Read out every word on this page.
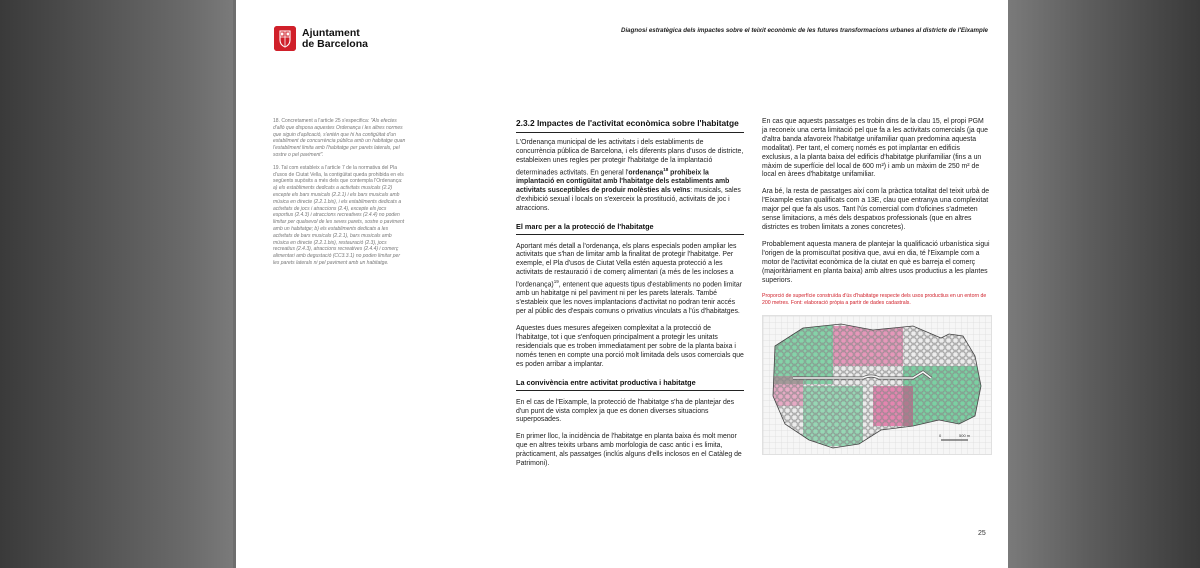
Ajuntament
de Barcelona
Diagnosi estratègica dels impactes sobre el teixit econòmic de les futures transformacions urbanes al districte de l'Eixample

18. Concretament a l'article 25 s'especifica: "Als efectes d'allò que disposa aquestes Ordenança i les altres normes que siguin d'aplicació, s'entén que hi ha contigüitat d'un establiment de concurrència pública amb un habitatge quan l'establiment limita amb l'habitatge per parets laterals, pel sostre o pel paviment".

19. Tal com estableix a l'article 7 de la normativa del Pla d'usos de Ciutat Vella, la contigüitat queda prohibida en els següents supòsits a més dels que contempla l'Ordenança: a) els establiments dedicats a activitats musicals (2.2) excepte els bars musicals (2.2.1) i els bars musicals amb música en directe (2.2.1.bis), i els establiments dedicats a activitats de jocs i atraccions (2.4), excepte els jocs esportius (2.4.3) i atraccions recreatives (2.4.4) no poden limitar per qualsevol de les seves parets, sostre o paviment amb un habitatge; b) els establiments dedicats a les activitats de bars musicals (2.2.1), bars musicals amb música en directe (2.2.1.bis), restauració (2.3), jocs recreatius (2.4.3), atraccions recreatives (2.4.4) i comerç alimentari amb degustació (CC3.3.1) no poden limitar per les parets laterals ni pel paviment amb un habitatge.

2.3.2 Impactes de l'activitat econòmica sobre l'habitatge

L'Ordenança municipal de les activitats i dels establiments de concurrència pública de Barcelona, i els diferents plans d'usos de districte, estableixen unes regles per protegir l'habitatge de la implantació determinades activitats. En general l'ordenança$^{18}$ prohibeix la implantació en contigüitat amb l'habitatge dels establiments amb activitats susceptibles de produir molèsties als veïns: musicals, sales d'exhibició sexual i locals on s'exerceix la prostitució, activitats de joc i atraccions.

El marc per a la protecció de l'habitatge

Aportant més detall a l'ordenança, els plans especials poden ampliar les activitats que s'han de limitar amb la finalitat de protegir l'habitatge. Per exemple, el Pla d'usos de Ciutat Vella estén aquesta protecció a les activitats de restauració i de comerç alimentari (a més de les incloses a l'ordenança)$^{19}$, entenent que aquests tipus d'establiments no poden limitar amb un habitatge ni pel paviment ni per les parets laterals. També s'estableix que les noves implantacions d'activitat no podran tenir accés per al públic des d'espais comuns o privatius vinculats a l'ús d'habitatges.

Aquestes dues mesures afegeixen complexitat a la protecció de l'habitatge, tot i que s'enfoquen principalment a protegir les unitats residencials que es troben immediatament per sobre de la planta baixa i només tenen en compte una porció molt limitada dels usos comercials que es poden arribar a implantar.

La convivència entre activitat productiva i habitatge

En el cas de l'Eixample, la protecció de l'habitatge s'ha de plantejar des d'un punt de vista complex ja que es donen diverses situacions superposades.

En primer lloc, la incidència de l'habitatge en planta baixa és molt menor que en altres teixits urbans amb morfologia de casc antic i es limita, pràcticament, als passatges (inclús alguns d'ells inclosos en el Catàleg de Patrimoni).

En cas que aquests passatges es trobin dins de la clau 15, el propi PGM ja reconeix una certa limitació pel que fa a les activitats comercials (ja que d'altra banda afavoreix l'habitatge unifamiliar quan predomina aquesta modalitat). Per tant, el comerç només es pot implantar en edificis exclusius, a la planta baixa del edificis d'habitatge plurifamiliar (fins a un màxim de superfície del local de 600 m²) i amb un màxim de 250 m² de local en àrees d'habitatge unifamiliar.

Ara bé, la resta de passatges així com la pràctica totalitat del teixit urbà de l'Eixample estan qualificats com a 13E, clau que entranya una complexitat major pel que fa als usos. Tant l'ús comercial com d'oficines s'admeten sense limitacions, a més dels despatxos professionals (que en altres districtes es troben limitats a zones concretes).

Probablement aquesta manera de plantejar la qualificació urbanística sigui l'origen de la promiscuïtat positiva que, avui en dia, té l'Eixample com a motor de l'activitat econòmica de la ciutat en què es barreja el comerç (majoritàriament en planta baixa) amb altres usos productius a les plantes superiors.

Proporció de superfície construïda d'ús d'habitatge respecte dels usos productius en un entorn de 200 metres. Font: elaboració pròpia a partir de dades cadastrals.

0	500 m
25
